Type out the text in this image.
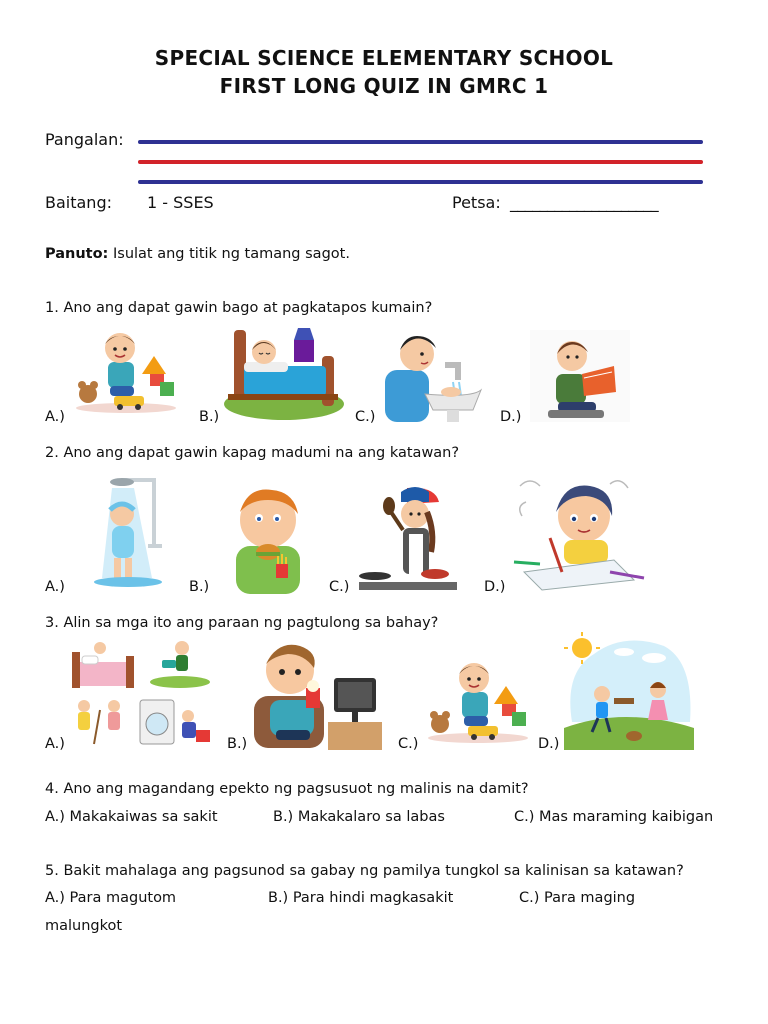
SPECIAL SCIENCE ELEMENTARY SCHOOL
FIRST LONG QUIZ IN GMRC 1
Pangalan:
Baitang: 1 - SSES	Petsa: ____________________
Panuto: Isulat ang titik ng tamang sagot.
1. Ano ang dapat gawin bago at pagkatapos kumain?
A.)	B.)	C.)	D.)
2. Ano ang dapat gawin kapag madumi na ang katawan?
A.)	B.)	C.)	D.)
3. Alin sa mga ito ang paraan ng pagtulong sa bahay?
A.)	B.)	C.)	D.)
4. Ano ang magandang epekto ng pagsusuot ng malinis na damit?
A.) Makakaiwas sa sakit	B.) Makakalaro sa labas	C.) Mas maraming kaibigan
5. Bakit mahalaga ang pagsunod sa gabay ng pamilya tungkol sa kalinisan sa katawan?
A.) Para magutom	B.) Para hindi magkasakit	C.) Para maging
malungkot
